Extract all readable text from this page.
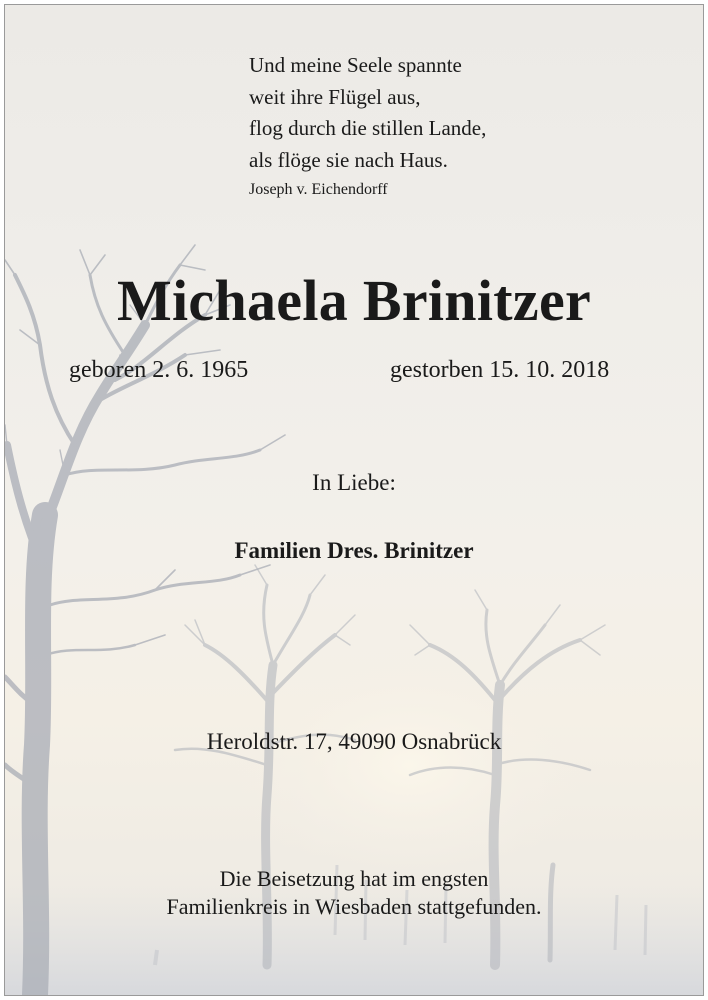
Und meine Seele spannte
weit ihre Flügel aus,
flog durch die stillen Lande,
als flöge sie nach Haus.
Joseph v. Eichendorff
Michaela Brinitzer
geboren 2. 6. 1965	gestorben 15. 10. 2018
In Liebe:
Familien Dres. Brinitzer
Heroldstr. 17, 49090 Osnabrück
Die Beisetzung hat im engsten
Familienkreis in Wiesbaden stattgefunden.
